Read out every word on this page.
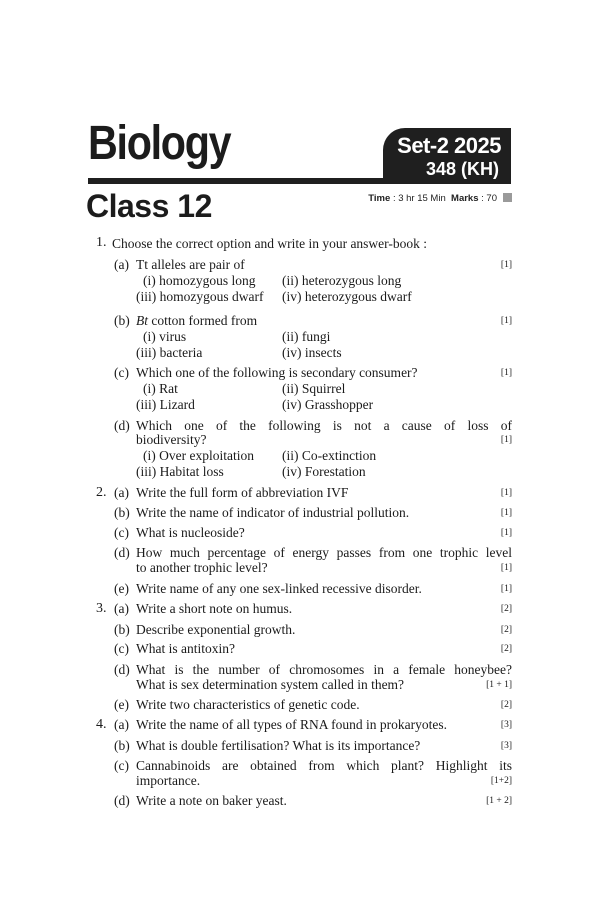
Biology	Set-2 2025
348 (KH)
Class 12	Time : 3 hr 15 Min Marks : 70
1. Choose the correct option and write in your answer-book :
(a) Tt alleles are pair of	[1]
(i) homozygous long (ii) heterozygous long
(iii) homozygous dwarf (iv) heterozygous dwarf
(b) Bt cotton formed from	[1]
(i) virus	(ii) fungi
(iii) bacteria	(iv) insects
(c) Which one of the following is secondary consumer?	[1]
(i) Rat	(ii) Squirrel
(iii) Lizard	(iv) Grasshopper
(d) Which one of the following is not a cause of loss of
biodiversity?	[1]
(i) Over exploitation (ii) Co-extinction
(iii) Habitat loss	(iv) Forestation
2. (a) Write the full form of abbreviation IVF	[1]
(b) Write the name of indicator of industrial pollution.	[1]
(c) What is nucleoside?	[1]
(d) How much percentage of energy passes from one trophic level
to another trophic level?	[1]
(e) Write name of any one sex-linked recessive disorder.	[1]
3. (a) Write a short note on humus.	[2]
(b) Describe exponential growth.	[2]
(c) What is antitoxin?	[2]
(d) What is the number of chromosomes in a female honeybee?
What is sex determination system called in them?	[1 + 1]
(e) Write two characteristics of genetic code.	[2]
4. (a) Write the name of all types of RNA found in prokaryotes.	[3]
(b) What is double fertilisation? What is its importance?	[3]
(c) Cannabinoids are obtained from which plant? Highlight its
importance.	[1+2]
(d) Write a note on baker yeast.	[1 + 2]
